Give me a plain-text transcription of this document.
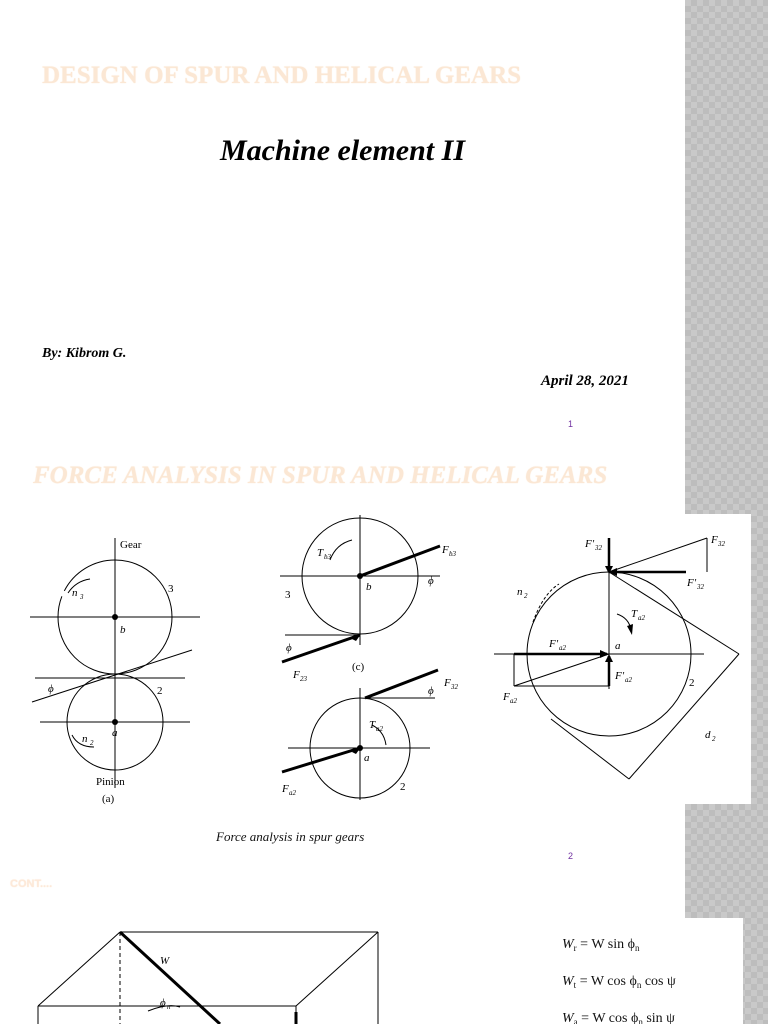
DESIGN OF SPUR AND HELICAL GEARS
Machine element II
By: Kibrom G.
April 28, 2021
1
FORCE ANALYSIS IN SPUR AND HELICAL GEARS
Gear
3
b
ϕ	2
a
Pinion
n 3
n 2
(a)
T b3
F b3
ϕ
3
b
ϕ
F 23
(c)
F 32
ϕ
T a2
a
2
F a2
F′ 32
F 32
F′ 32
n 2
T a2
F′ a2	a
F′ a2
F a2
2
d 2
Force analysis in spur gears
2
CONT....
W
ϕ n
$W_r = W$ $\sin \phi_n$
$W_t = W$ $\cos \phi_n$ cos ψ
$W_a = W$ $\cos \phi_n$ sin ψ
